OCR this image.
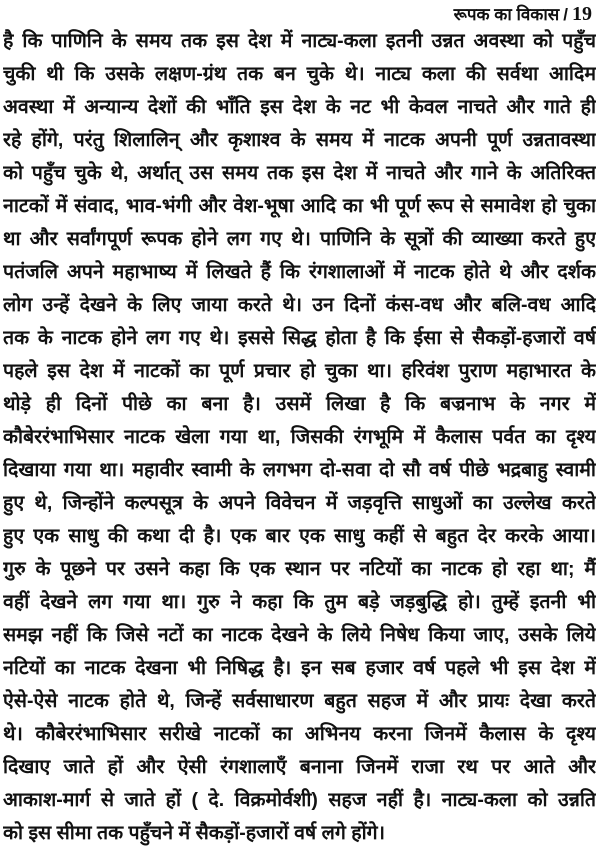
रूपक का विकास / 19
है कि पाणिनि के समय तक इस देश में नाट्य-कला इतनी उन्नत अवस्था को पहुँच
चुकी थी कि उसके लक्षण-ग्रंथ तक बन चुके थे। नाट्य कला की सर्वथा आदिम
अवस्था में अन्यान्य देशों की भाँति इस देश के नट भी केवल नाचते और गाते ही
रहे होंगे, परंतु शिलालिन् और कृशाश्व के समय में नाटक अपनी पूर्ण उन्नतावस्था
को पहुँच चुके थे, अर्थात् उस समय तक इस देश में नाचते और गाने के अतिरिक्त
नाटकों में संवाद, भाव-भंगी और वेश-भूषा आदि का भी पूर्ण रूप से समावेश हो चुका
था और सर्वांगपूर्ण रूपक होने लग गए थे। पाणिनि के सूत्रों की व्याख्या करते हुए
पतंजलि अपने महाभाष्य में लिखते हैं कि रंगशालाओं में नाटक होते थे और दर्शक
लोग उन्हें देखने के लिए जाया करते थे। उन दिनों कंस-वध और बलि-वध आदि
तक के नाटक होने लग गए थे। इससे सिद्ध होता है कि ईसा से सैकड़ों-हजारों वर्ष
पहले इस देश में नाटकों का पूर्ण प्रचार हो चुका था। हरिवंश पुराण महाभारत के
थोड़े ही दिनों पीछे का बना है। उसमें लिखा है कि बज्रनाभ के नगर में
कौबेररंभाभिसार नाटक खेला गया था, जिसकी रंगभूमि में कैलास पर्वत का दृश्य
दिखाया गया था। महावीर स्वामी के लगभग दो-सवा दो सौ वर्ष पीछे भद्रबाहु स्वामी
हुए थे, जिन्होंने कल्पसूत्र के अपने विवेचन में जड़वृत्ति साधुओं का उल्लेख करते
हुए एक साधु की कथा दी है। एक बार एक साधु कहीं से बहुत देर करके आया।
गुरु के पूछने पर उसने कहा कि एक स्थान पर नटियों का नाटक हो रहा था; मैं
वहीं देखने लग गया था। गुरु ने कहा कि तुम बड़े जड़बुद्धि हो। तुम्हें इतनी भी
समझ नहीं कि जिसे नटों का नाटक देखने के लिये निषेध किया जाए, उसके लिये
नटियों का नाटक देखना भी निषिद्ध है। इन सब हजार वर्ष पहले भी इस देश में
ऐसे-ऐसे नाटक होते थे, जिन्हें सर्वसाधारण बहुत सहज में और प्रायः देखा करते
थे। कौबेररंभाभिसार सरीखे नाटकों का अभिनय करना जिनमें कैलास के दृश्य
दिखाए जाते हों और ऐसी रंगशालाएँ बनाना जिनमें राजा रथ पर आते और
आकाश-मार्ग से जाते हों ( दे. विक्रमोर्वशी) सहज नहीं है। नाट्य-कला को उन्नति
को इस सीमा तक पहुँचने में सैकड़ों-हजारों वर्ष लगे होंगे।
